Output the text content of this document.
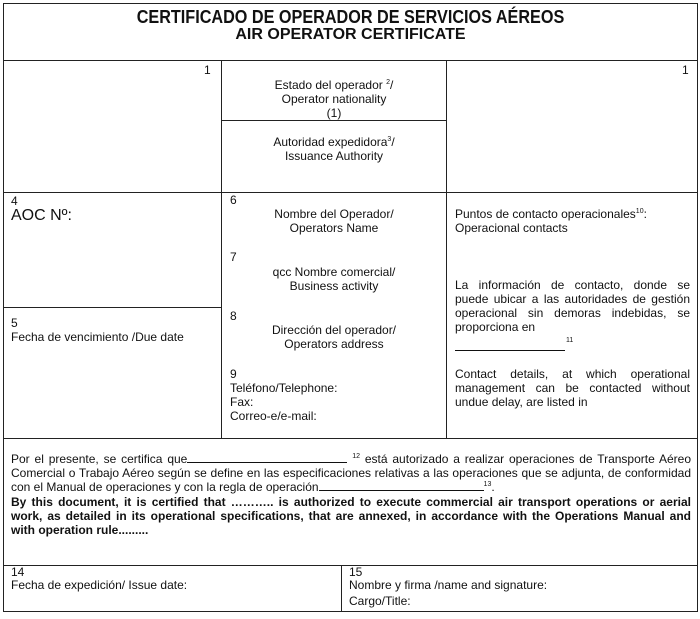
CERTIFICADO DE OPERADOR DE SERVICIOS AÉREOS
AIR OPERATOR CERTIFICATE
1
Estado del operador $^2$/
Operator nationality
(1)
Autoridad expedidora$^3$/
Issuance Authority
1
4
AOC Nº:
5
Fecha de vencimiento /Due date
6
Nombre del Operador/
Operators Name
7
qcc Nombre comercial/
Business activity
8
Dirección del operador/
Operators address
9
Teléfono/Telephone:
Fax:
Correo-e/e-mail:
Puntos de contacto operacionales$^{10}$:
Operacional contacts
La información de contacto, donde se puede ubicar a las autoridades de gestión operacional sin demoras indebidas, se proporciona en
11
Contact details, at which operational management can be contacted without undue delay, are listed in
Por el presente, se certifica que	$^{12}$ está autorizado a realizar operaciones de Transporte Aéreo Comercial o Trabajo Aéreo según se define en las especificaciones relativas a las operaciones que se adjunta, de conformidad con el Manual de operaciones y con la regla de operación	$^{13}$.
By this document, it is certified that ……….. is authorized to execute commercial air transport operations or aerial work, as detailed in its operational specifications, that are annexed, in accordance with the Operations Manual and with operation rule.........
14
Fecha de expedición/ Issue date:
15
Nombre y firma /name and signature:
Cargo/Title:
